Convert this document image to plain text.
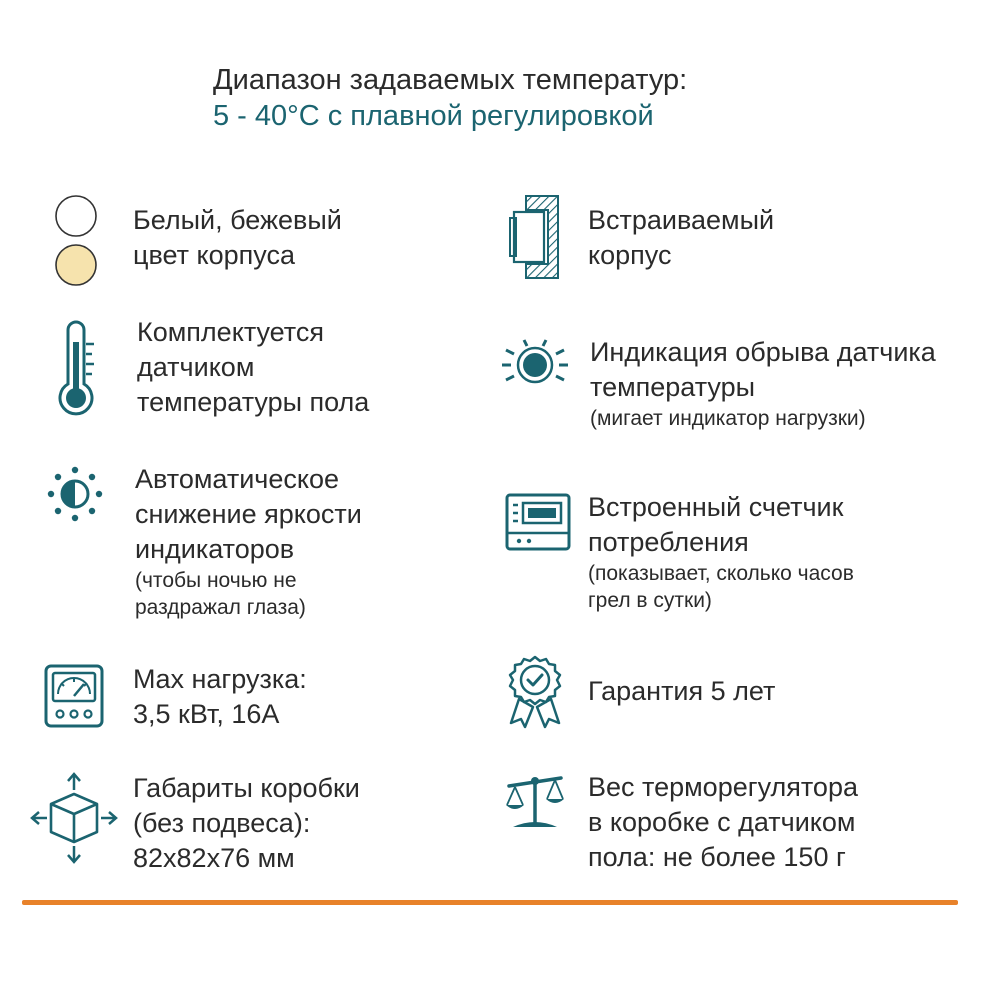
Диапазон задаваемых температур:
5 - 40°С с плавной регулировкой
Белый, бежевый
цвет корпуса
Встраиваемый
корпус
Комплектуется
датчиком
температуры пола
Индикация обрыва датчика
температуры
(мигает индикатор нагрузки)
Автоматическое
снижение яркости
индикаторов
(чтобы ночью не
раздражал глаза)
Встроенный счетчик
потребления
(показывает, сколько часов
грел в сутки)
Max нагрузка:
3,5 кВт, 16А
Гарантия 5 лет
Габариты коробки
(без подвеса):
82х82х76 мм
Вес терморегулятора
в коробке с датчиком
пола: не более 150 г
